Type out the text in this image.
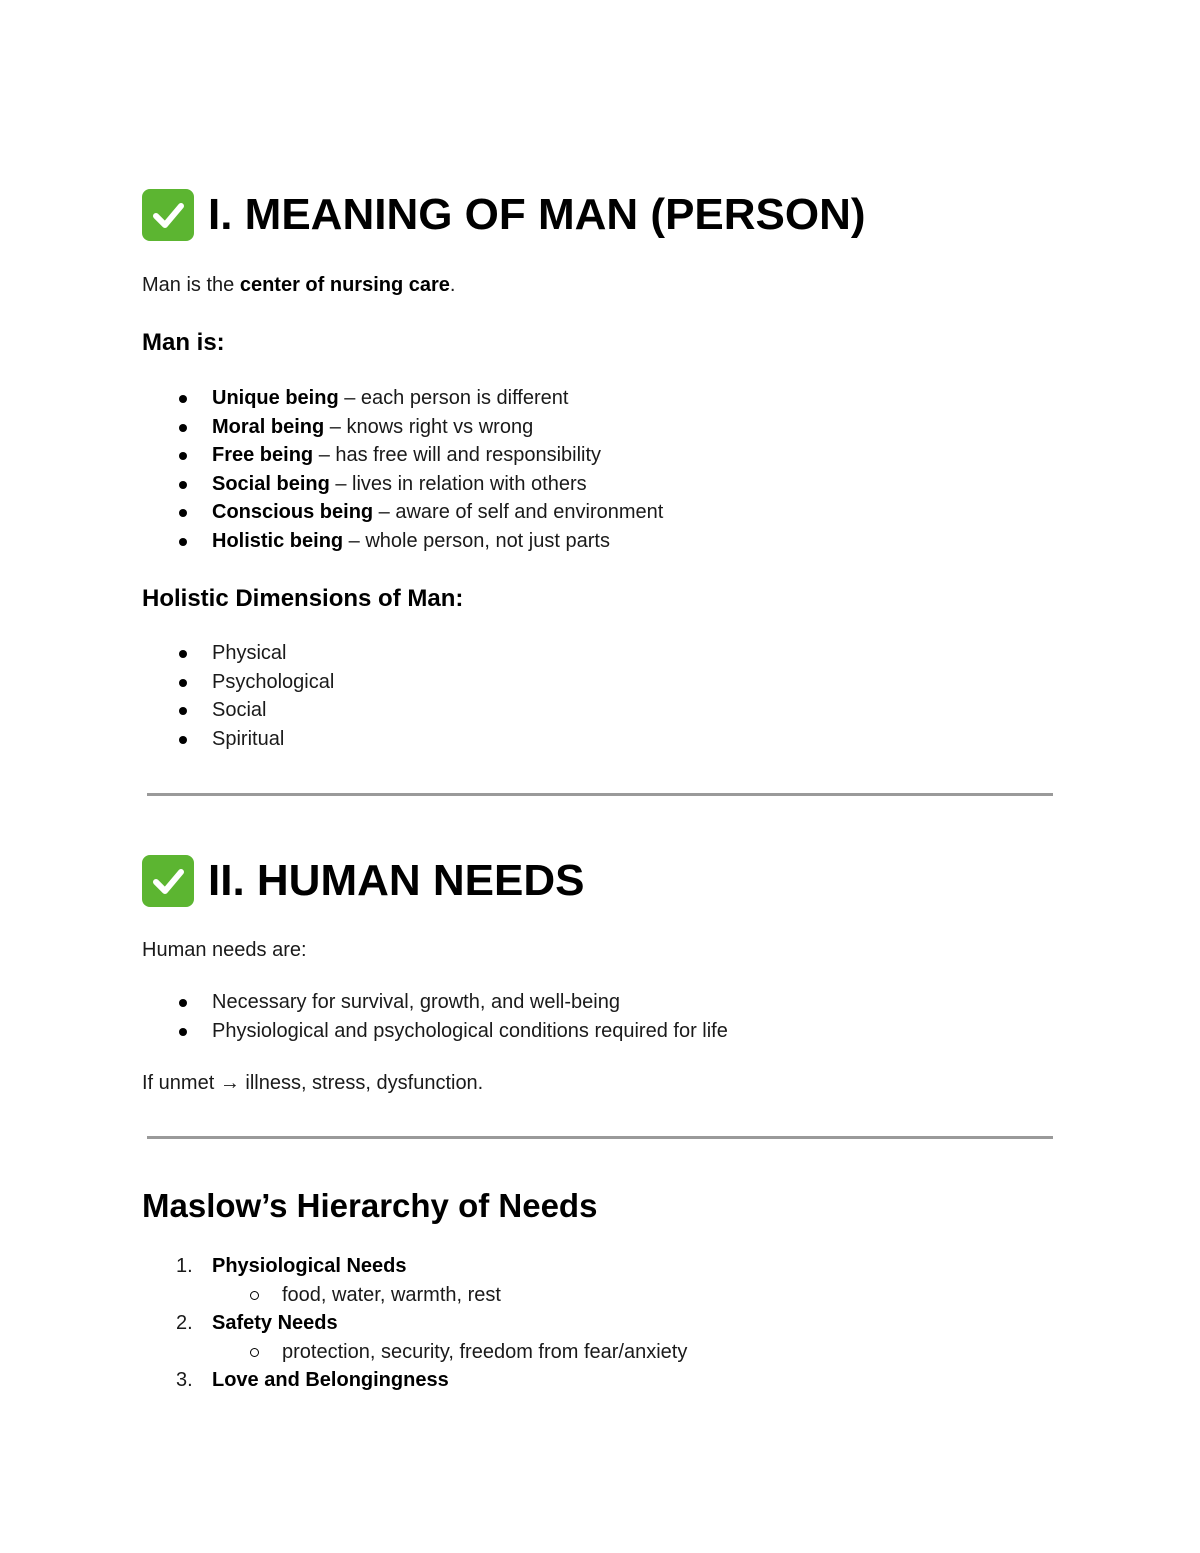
I. MEANING OF MAN (PERSON)

Man is the center of nursing care.

Man is:
Unique being – each person is different
Moral being – knows right vs wrong
Free being – has free will and responsibility
Social being – lives in relation with others
Conscious being – aware of self and environment
Holistic being – whole person, not just parts
Holistic Dimensions of Man:
Physical
Psychological
Social
Spiritual
II. HUMAN NEEDS

Human needs are:

Necessary for survival, growth, and well-being
Physiological and psychological conditions required for life

If unmet → illness, stress, dysfunction.

Maslow’s Hierarchy of Needs
1. Physiological Needs
food, water, warmth, rest
2. Safety Needs
protection, security, freedom from fear/anxiety
3. Love and Belongingness
